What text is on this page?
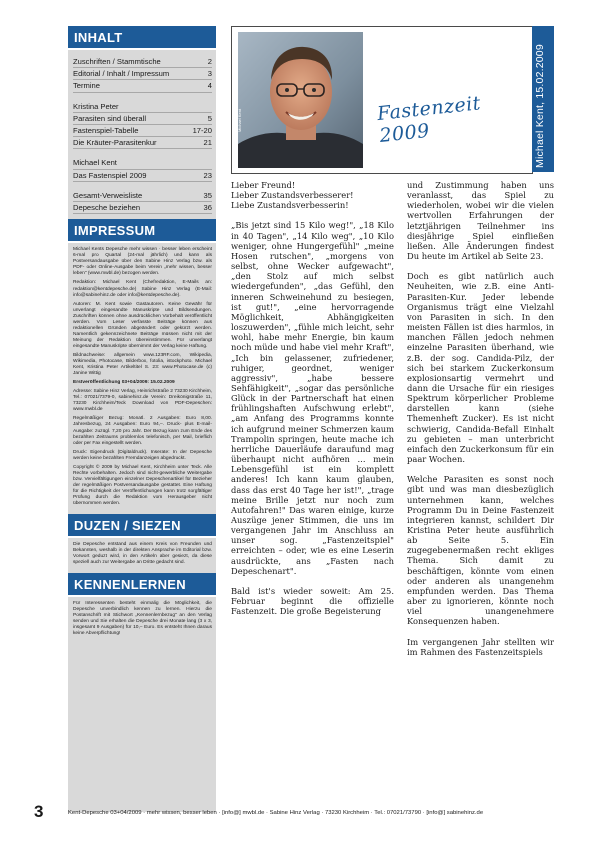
INHALT
Zuschriften / Stammtische	2
Editorial / Inhalt / Impressum	3
Termine	4
Kristina Peter
Parasiten sind überall	5
Fastenspiel-Tabelle	17-20
Die Kräuter-Parasitenkur	21
Michael Kent
Das Fastenspiel 2009	23
Gesamt-Verweisliste	35
Depesche beziehen	36
IMPRESSUM

Michael Kents Depesche mehr wissen · besser leben erscheint 6-mal pro Quartal (24-mal jährlich) und kann als Postversandausgabe über den Sabine Hinz Verlag bzw. als PDF- oder Online-Ausgabe beim Verein „mehr wissen, besser leben" (www.mwbl.de) bezogen werden.

Redaktion: Michael Kent (Chefredaktion, E-Mails an: redaktion@kentdepesche.de) Sabine Hinz Verlag (E-Mail: info@sabinehinz.de oder info@kentdepesche.de).

Autoren: M. Kent sowie Gastautoren. Keine Gewähr für unverlangt eingesandte Manuskripte und Bildsendungen. Zuschriften können ohne ausdrücklichen Vorbehalt veröffentlicht werden. Vom Leser verfasste Beiträge können aus redaktionellen Gründen abgeändert oder gekürzt werden. Namentlich gekennzeichnete Beiträge müssen nicht mit der Meinung der Redaktion übereinstimmen. Für unverlangt eingesandte Manuskripte übernimmt der Verlag keine Haftung.

Bildnachweise: allgemein www.123RF.com, Wikipedia, Wikimedia, Photocase, Bilderbox, fotolia, istockphoto. Michael Kent, Kristina Peter Artikeltitel S. 23: www.Photocase.de (c) Janine Wittig

Erstveröffentlichung 03+04/2009: 15.02.2009

Adresse: Sabine Hinz Verlag, Heinrichstraße 2 73230 Kirchheim, Tel.: 07021/7379-0, sabinehinz.de Verein: Dreikönigstraße 11, 73230 Kirchheim/Teck Download von PDF-Depeschen: www.mwbl.de

Regelmäßiger Bezug: Monatl. 2 Ausgaben: Euro 8,00. Jahresbezug, 24 Ausgaben: Euro 94,–. Druck- plus E-mail-Ausgabe: zuzügl. 7,20 pro Jahr. Der Bezug kann zum Ende des bezahlten Zeitraums problemlos telefonisch, per Mail, brieflich oder per Fax eingestellt werden.

Druck: Eigendruck (Digitaldruck). Inserate: In der Depesche werden keine bezahlten Fremdanzeigen abgedruckt.

Copyright © 2009 by Michael Kent, Kirchheim unter Teck. Alle Rechte vorbehalten. Jedoch sind nicht-gewerbliche Weitergabe bzw. Vervielfältigungen einzelner Depeschenartikel für Bezieher der regelmäßigen Postversandausgabe gestattet. Eine Haftung für die Richtigkeit der Veröffentlichungen kann trotz sorgfältiger Prüfung durch die Redaktion vom Herausgeber nicht übernommen werden.

DUZEN / SIEZEN

Die Depesche entstand aus einem Kreis von Freunden und Bekannten, weshalb in der direkten Ansprache im Editorial bzw. Vorwort geduzt wird, in den Artikeln aber gesiezt, da diese speziell auch zur Weitergabe an Dritte gedacht sind.

KENNENLERNEN

Für Interessenten besteht einmalig die Möglichkeit, die Depesche unverbindlich kennen zu lernen. Hierzu die Postanschrift mit Stichwort „Kennenlernbezug" an den Verlag senden und Sie erhalten die Depesche drei Monate lang (3 x 3, insgesamt 9 Ausgaben) für 10,– Euro. Es entsteht Ihnen daraus keine Abverpflichtung!

Fastenzeit 2009
Michael Kent	Michael Kent, 15.02.2009

Lieber Freund!
Lieber Zustandsverbesserer!
Liebe Zustandsverbesserin!

„Bis jetzt sind 15 Kilo weg!", „18 Kilo in 40 Tagen", „14 Kilo weg", „10 Kilo weniger, ohne Hungergefühl" „meine Hosen rutschen", „morgens von selbst, ohne Wecker aufgewacht", „den Stolz auf mich selbst wiedergefunden", „das Gefühl, den inneren Schweinehund zu besiegen, ist gut!", „eine hervorragende Möglichkeit, Abhängigkeiten loszuwerden", „fühle mich leicht, sehr wohl, habe mehr Energie, bin kaum noch müde und habe viel mehr Kraft", „Ich bin gelassener, zufriedener, ruhiger, geordnet, weniger aggressiv", „habe bessere Sehfähigkeit", „sogar das persönliche Glück in der Partnerschaft hat einen frühlingshaften Aufschwung erlebt", „am Anfang des Programms konnte ich aufgrund meiner Schmerzen kaum Trampolin springen, heute mache ich herrliche Dauerläufe daraufund mag überhaupt nicht aufhören ... mein Lebensgefühl ist ein komplett anderes! Ich kann kaum glauben, dass das erst 40 Tage her ist!", „trage meine Brille jetzt nur noch zum Autofahren!" Das waren einige, kurze Auszüge jener Stimmen, die uns im vergangenen Jahr im Anschluss an unser sog. „Fastenzeitspiel" erreichten – oder, wie es eine Leserin ausdrückte, ans „Fasten nach Depeschenart".

Bald ist's wieder soweit: Am 25. Februar beginnt die offizielle Fastenzeit. Die große Begeisterung

und Zustimmung haben uns veranlasst, das Spiel zu wiederholen, wobei wir die vielen wertvollen Erfahrungen der letztjährigen Teilnehmer ins diesjährige Spiel einfließen ließen. Alle Änderungen findest Du heute im Artikel ab Seite 23.

Doch es gibt natürlich auch Neuheiten, wie z.B. eine Anti-Parasiten-Kur. Jeder lebende Organismus trägt eine Vielzahl von Parasiten in sich. In den meisten Fällen ist dies harmlos, in manchen Fällen jedoch nehmen einzelne Parasiten überhand, wie z.B. der sog. Candida-Pilz, der sich bei starkem Zuckerkonsum explosionsartig vermehrt und dann die Ursache für ein riesiges Spektrum körperlicher Probleme darstellen kann (siehe Themenheft Zucker). Es ist nicht schwierig, Candida-Befall Einhalt zu gebieten – man unterbricht einfach den Zuckerkonsum für ein paar Wochen.

Welche Parasiten es sonst noch gibt und was man diesbezüglich unternehmen kann, welches Programm Du in Deine Fastenzeit integrieren kannst, schildert Dir Kristina Peter heute ausführlich ab Seite 5. Ein zugegebenermaßen recht ekliges Thema. Sich damit zu beschäftigen, könnte vom einen oder anderen als unangenehm empfunden werden. Das Thema aber zu ignorieren, könnte noch viel unangenehmere Konsequenzen haben.

Im vergangenen Jahr stellten wir im Rahmen des Fastenzeitspiels

3	Kent-Depesche 03+04/2009 · mehr wissen, besser leben · [info@] mwbl.de · Sabine Hinz Verlag · 73230 Kirchheim · Tel.: 07021/73790 · [info@] sabinehinz.de
